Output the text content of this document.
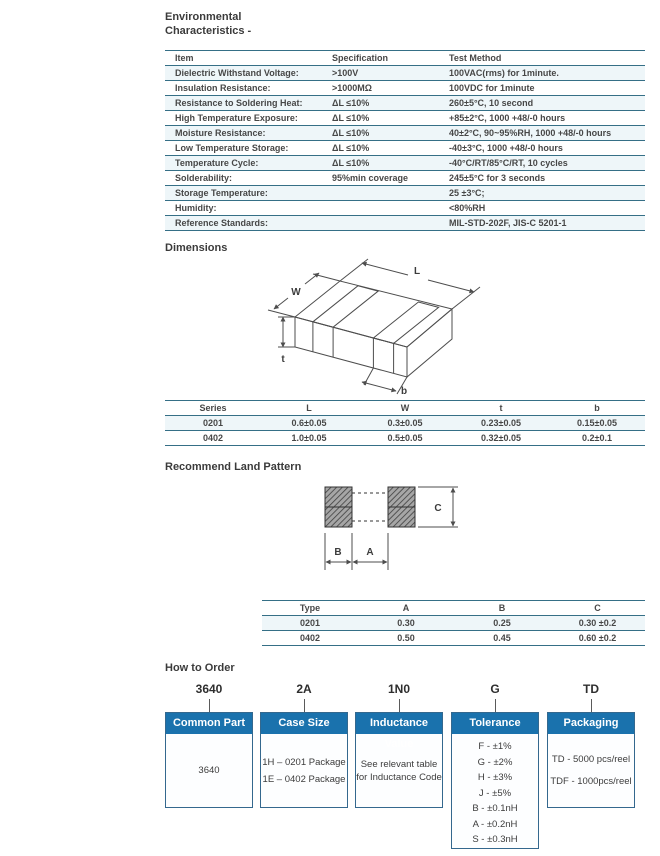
Environmental
Characteristics -
Item	Specification	Test Method
Dielectric Withstand Voltage:	>100V	100VAC(rms) for 1minute.
Insulation Resistance:	>1000MΩ	100VDC for 1minute
Resistance to Soldering Heat:	ΔL ≤10%	260±5°C, 10 second
High Temperature Exposure:	ΔL ≤10%	+85±2°C, 1000 +48/-0 hours
Moisture Resistance:	ΔL ≤10%	40±2°C, 90~95%RH, 1000 +48/-0 hours
Low Temperature Storage:	ΔL ≤10%	-40±3°C, 1000 +48/-0 hours
Temperature Cycle:	ΔL ≤10%	-40°C/RT/85°C/RT, 10 cycles
Solderability:	95%min coverage	245±5°C for 3 seconds
Storage Temperature:		25 ±3°C;
Humidity:		<80%RH
Reference Standards:		MIL-STD-202F, JIS-C 5201-1
Dimensions
L
W
t
b
Series	L	W	t	b
0201	0.6±0.05	0.3±0.05	0.23±0.05	0.15±0.05
0402	1.0±0.05	0.5±0.05	0.32±0.05	0.2±0.1
Recommend Land Pattern
C
B A
Type	A	B	C
0201	0.30	0.25	0.30 ±0.2
0402	0.50	0.45	0.60 ±0.2
How to Order
3640
Common Part
3640
2A
Case Size
1H – 0201 Package
1E – 0402 Package
1N0
Inductance Value
See relevant table
for Inductance Code
G
Tolerance
F - ±1%
G - ±2%
H - ±3%
J - ±5%
B - ±0.1nH
A - ±0.2nH
S - ±0.3nH
TD
Packaging
TD - 5000 pcs/reel
TDF - 1000pcs/reel
